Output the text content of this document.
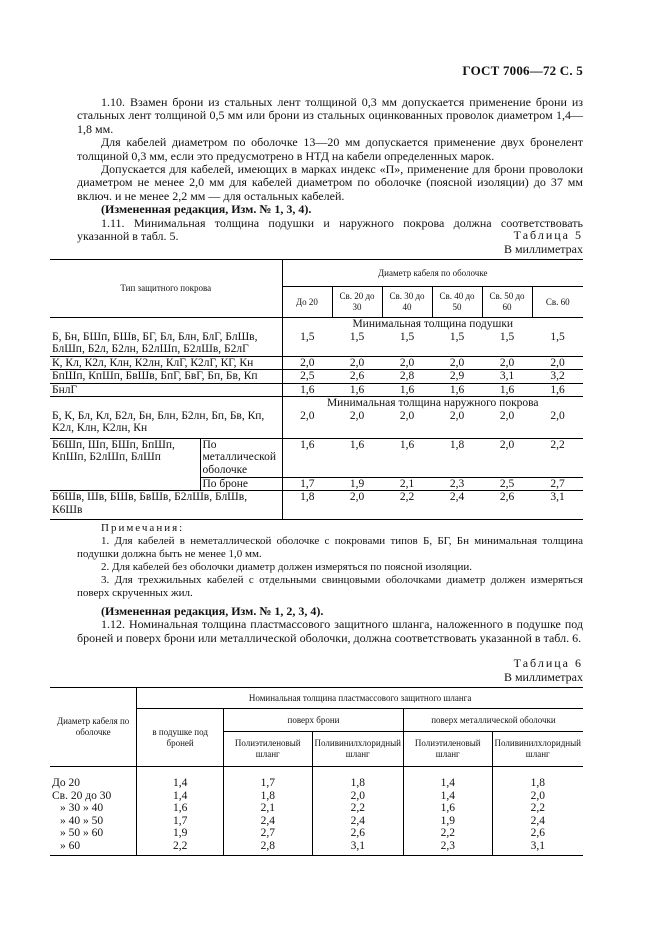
ГОСТ 7006—72 С. 5

1.10. Взамен брони из стальных лент толщиной 0,3 мм допускается применение брони из стальных лент толщиной 0,5 мм или брони из стальных оцинкованных проволок диаметром 1,4—1,8 мм.

Для кабелей диаметром по оболочке 13—20 мм допускается применение двух бронелент толщиной 0,3 мм, если это предусмотрено в НТД на кабели определенных марок.

Допускается для кабелей, имеющих в марках индекс «П», применение для брони проволоки диаметром не менее 2,0 мм для кабелей диаметром по оболочке (поясной изоляции) до 37 мм включ. и не менее 2,2 мм — для остальных кабелей.

(Измененная редакция, Изм. № 1, 3, 4).

1.11. Минимальная толщина подушки и наружного покрова должна соответствовать указанной в табл. 5.	Таблица 5
В миллиметрах
Тип защитного покрова		Диаметр кабеля по оболочке					
		До 20	Св. 20 до 30	Св. 30 до 40	Св. 40 до 50	Св. 50 до 60	Св. 60
		Минимальная толщина подушки					
Б, Бн, БШп, БШв, БГ, Бл, Блн, БлГ, БлШв, БлШп, Б2л, Б2лн, Б2лШп, Б2лШв, Б2лГ		1,5	1,5	1,5	1,5	1,5	1,5
К, Кл, К2л, Клн, К2лн, КлГ, К2лГ, КГ, Кн		2,0	2,0	2,0	2,0	2,0	2,0
БпШп, КпШп, БвШв, БпГ, БвГ, Бп, Бв, Кп		2,5	2,6	2,8	2,9	3,1	3,2
БнлГ		1,6	1,6	1,6	1,6	1,6	1,6
		Минимальная толщина наружного покрова					
Б, К, Бл, Кл, Б2л, Бн, Блн, Б2лн, Бп, Бв, Кп, К2л, Клн, К2лн, Кн		2,0	2,0	2,0	2,0	2,0	2,0
Б6Шп, Шп, БШп, БпШп, КпШп, Б2лШп, БлШп	По металлической оболочке	1,6	1,6	1,6	1,8	2,0	2,2
	По броне	1,7	1,9	2,1	2,3	2,5	2,7
Б6Шв, Шв, БШв, БвШв, Б2лШв, БлШв, К6Шв		1,8	2,0	2,2	2,4	2,6	3,1

Примечания:

1. Для кабелей в неметаллической оболочке с покровами типов Б, БГ, Бн минимальная толщина подушки должна быть не менее 1,0 мм.

2. Для кабелей без оболочки диаметр должен измеряться по поясной изоляции.

3. Для трехжильных кабелей с отдельными свинцовыми оболочками диаметр должен измеряться поверх скрученных жил.

(Измененная редакция, Изм. № 1, 2, 3, 4).

1.12. Номинальная толщина пластмассового защитного шланга, наложенного в подушке под броней и поверх брони или металлической оболочки, должна соответствовать указанной в табл. 6.

Таблица 6
В миллиметрах
Диаметр кабеля по оболочке	Номинальная толщина пластмассового защитного шланга				
	в подушке под броней	поверх брони		поверх металлической оболочки	
		Полиэтиленовый шланг	Поливинилхлоридный шланг	Полиэтиленовый шланг	Поливинилхлоридный шланг
До 20	1,4	1,7	1,8	1,4	1,8
Св. 20 до 30	1,4	1,8	2,0	1,4	2,0
» 30 » 40	1,6	2,1	2,2	1,6	2,2
» 40 » 50	1,7	2,4	2,4	1,9	2,4
» 50 » 60	1,9	2,7	2,6	2,2	2,6
» 60	2,2	2,8	3,1	2,3	3,1
